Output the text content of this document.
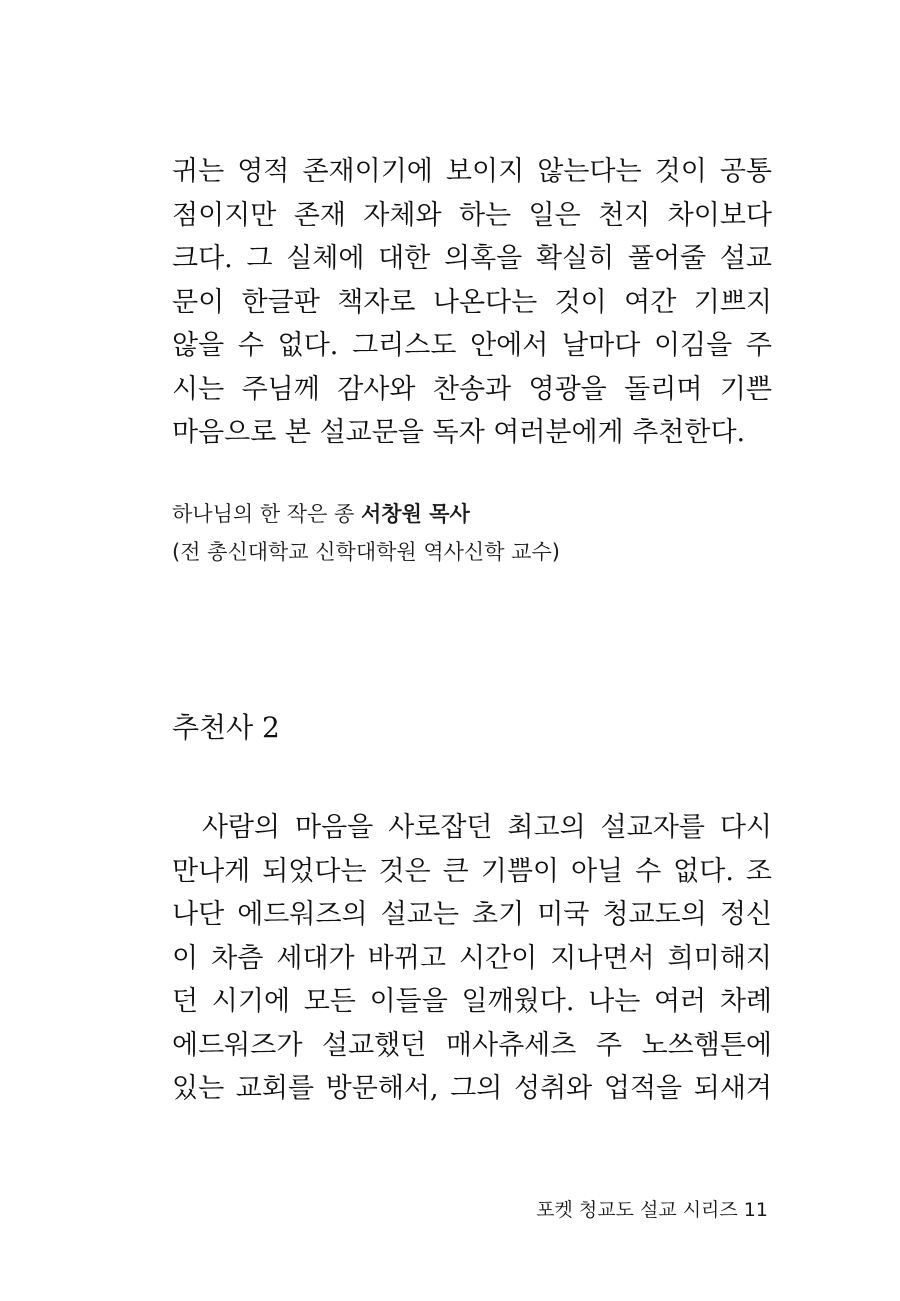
귀는 영적 존재이기에 보이지 않는다는 것이 공통
점이지만 존재 자체와 하는 일은 천지 차이보다
크다. 그 실체에 대한 의혹을 확실히 풀어줄 설교
문이 한글판 책자로 나온다는 것이 여간 기쁘지
않을 수 없다. 그리스도 안에서 날마다 이김을 주
시는 주님께 감사와 찬송과 영광을 돌리며 기쁜
마음으로 본 설교문을 독자 여러분에게 추천한다.
하나님의 한 작은 종 서창원 목사
(전 총신대학교 신학대학원 역사신학 교수)
추천사 2
사람의 마음을 사로잡던 최고의 설교자를 다시
만나게 되었다는 것은 큰 기쁨이 아닐 수 없다. 조
나단 에드워즈의 설교는 초기 미국 청교도의 정신
이 차츰 세대가 바뀌고 시간이 지나면서 희미해지
던 시기에 모든 이들을 일깨웠다. 나는 여러 차례
에드워즈가 설교했던 매사츄세츠 주 노쓰햄튼에
있는 교회를 방문해서, 그의 성취와 업적을 되새겨
포켓 청교도 설교 시리즈 11
